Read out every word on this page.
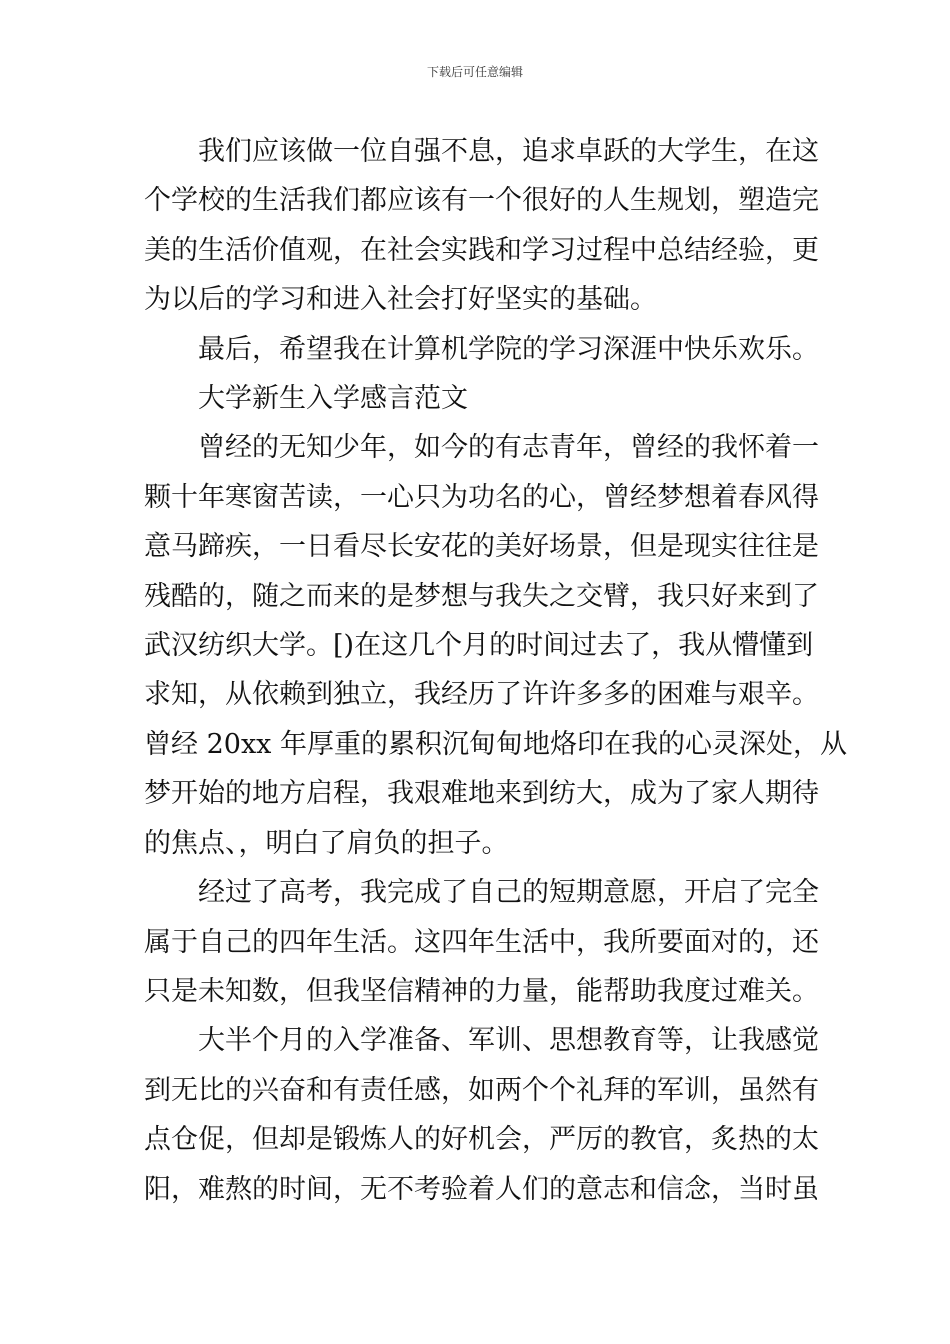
下载后可任意编辑
我们应该做一位自强不息，追求卓跃的大学生，在这
个学校的生活我们都应该有一个很好的人生规划，塑造完
美的生活价值观，在社会实践和学习过程中总结经验，更
为以后的学习和进入社会打好坚实的基础。
最后，希望我在计算机学院的学习深涯中快乐欢乐。
大学新生入学感言范文
曾经的无知少年，如今的有志青年，曾经的我怀着一
颗十年寒窗苦读，一心只为功名的心，曾经梦想着春风得
意马蹄疾，一日看尽长安花的美好场景，但是现实往往是
残酷的，随之而来的是梦想与我失之交臂，我只好来到了
武汉纺织大学。[)在这几个月的时间过去了，我从懵懂到
求知，从依赖到独立，我经历了许许多多的困难与艰辛。
曾经 20xx 年厚重的累积沉甸甸地烙印在我的心灵深处，从
梦开始的地方启程，我艰难地来到纺大，成为了家人期待
的焦点、，明白了肩负的担子。
经过了高考，我完成了自己的短期意愿，开启了完全
属于自己的四年生活。这四年生活中，我所要面对的，还
只是未知数，但我坚信精神的力量，能帮助我度过难关。
大半个月的入学准备、军训、思想教育等，让我感觉
到无比的兴奋和有责任感，如两个个礼拜的军训，虽然有
点仓促，但却是锻炼人的好机会，严厉的教官，炙热的太
阳，难熬的时间，无不考验着人们的意志和信念，当时虽
